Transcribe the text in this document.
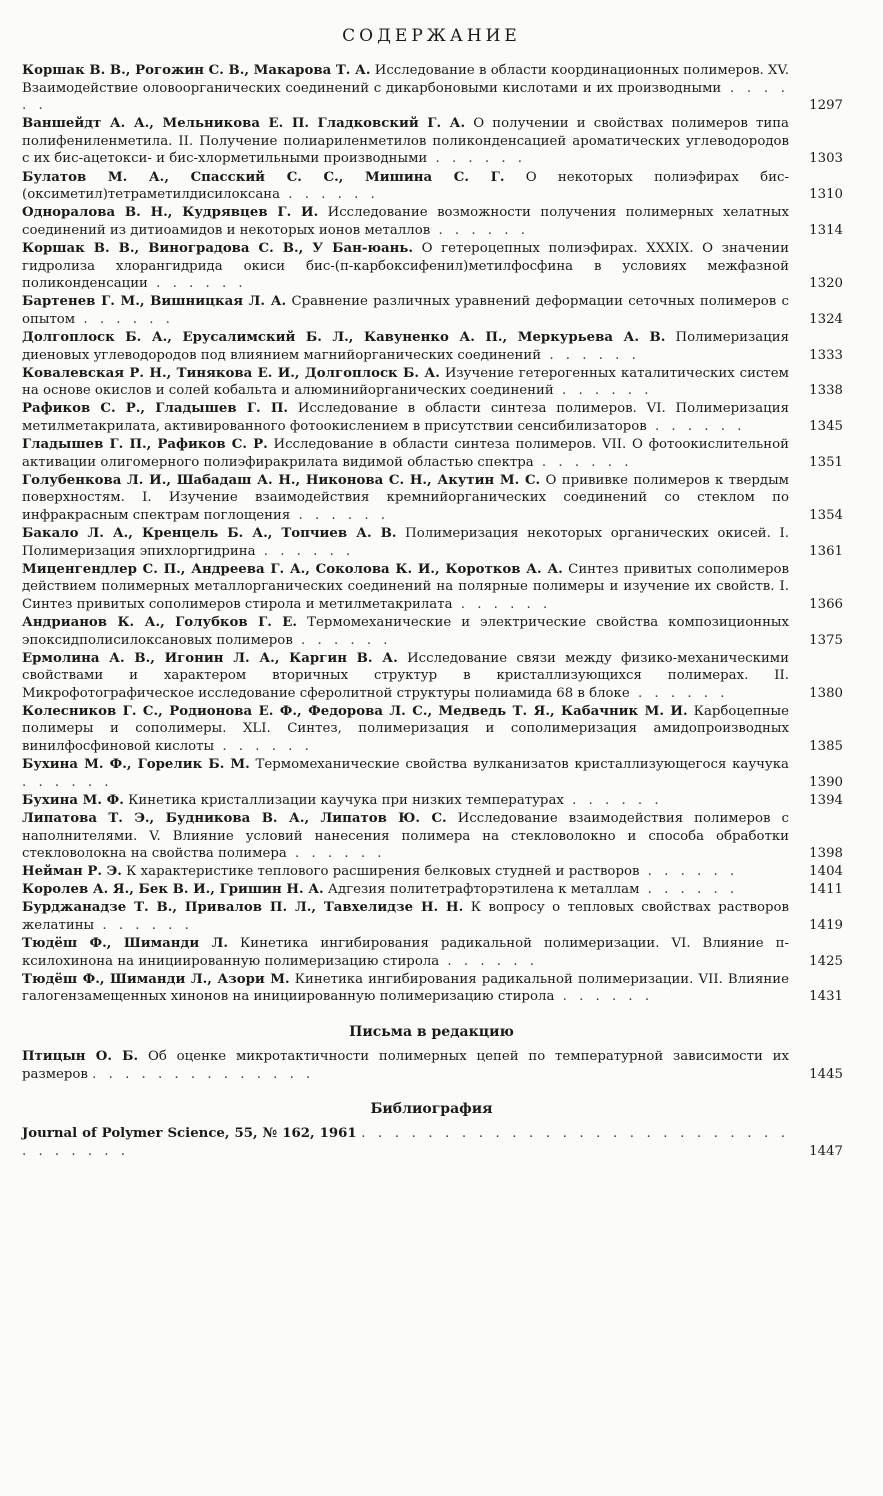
СОДЕРЖАНИЕ
Коршак В. В., Рогожин С. В., Макарова Т. А. Исследование в области координационных полимеров. XV. Взаимодействие оловоорганических соединений с дикарбоновыми кислотами и их производными . . . . . .	1297
Ваншейдт А. А., Мельникова Е. П. Гладковский Г. А. О получении и свойствах полимеров типа полифениленметила. II. Получение полиариленметилов поликонденсацией ароматических углеводородов с их бис-ацетокси- и бис-хлорметильными производными . . . . . .	1303
Булатов М. А., Спасский С. С., Мишина С. Г. О некоторых полиэфирах бис-(оксиметил)тетраметилдисилоксана . . . . . .	1310
Одноралова В. Н., Кудрявцев Г. И. Исследование возможности получения полимерных хелатных соединений из дитиоамидов и некоторых ионов металлов . . . . . .	1314
Коршак В. В., Виноградова С. В., У Бан-юань. О гетероцепных полиэфирах. XXXIX. О значении гидролиза хлорангидрида окиси бис-(п-карбоксифенил)метилфосфина в условиях межфазной поликонденсации . . . . . .	1320
Бартенев Г. М., Вишницкая Л. А. Сравнение различных уравнений деформации сеточных полимеров с опытом . . . . . .	1324
Долгоплоск Б. А., Ерусалимский Б. Л., Кавуненко А. П., Меркурьева А. В. Полимеризация диеновых углеводородов под влиянием магнийорганических соединений . . . . . .	1333
Ковалевская Р. Н., Тинякова Е. И., Долгоплоск Б. А. Изучение гетерогенных каталитических систем на основе окислов и солей кобальта и алюминийорганических соединений . . . . . .	1338
Рафиков С. Р., Гладышев Г. П. Исследование в области синтеза полимеров. VI. Полимеризация метилметакрилата, активированного фотоокислением в присутствии сенсибилизаторов . . . . . .	1345
Гладышев Г. П., Рафиков С. Р. Исследование в области синтеза полимеров. VII. О фотоокислительной активации олигомерного полиэфиракрилата видимой областью спектра . . . . . .	1351
Голубенкова Л. И., Шабадаш А. Н., Никонова С. Н., Акутин М. С. О прививке полимеров к твердым поверхностям. I. Изучение взаимодействия кремнийорганических соединений со стеклом по инфракрасным спектрам поглощения . . . . . .	1354
Бакало Л. А., Кренцель Б. А., Топчиев А. В. Полимеризация некоторых органических окисей. I. Полимеризация эпихлоргидрина . . . . . .	1361
Миценгендлер С. П., Андреева Г. А., Соколова К. И., Коротков А. А. Синтез привитых сополимеров действием полимерных металлорганических соединений на полярные полимеры и изучение их свойств. I. Синтез привитых сополимеров стирола и метилметакрилата . . . . . .	1366
Андрианов К. А., Голубков Г. Е. Термомеханические и электрические свойства композиционных эпоксидполисилоксановых полимеров . . . . . .	1375
Ермолина А. В., Игонин Л. А., Каргин В. А. Исследование связи между физико-механическими свойствами и характером вторичных структур в кристаллизующихся полимерах. II. Микрофотографическое исследование сферолитной структуры полиамида 68 в блоке . . . . . .	1380
Колесников Г. С., Родионова Е. Ф., Федорова Л. С., Медведь Т. Я., Кабачник М. И. Карбоцепные полимеры и сополимеры. XLI. Синтез, полимеризация и сополимеризация амидопроизводных винилфосфиновой кислоты . . . . . .	1385
Бухина М. Ф., Горелик Б. М. Термомеханические свойства вулканизатов кристаллизующегося каучука . . . . . .	1390
Бухина М. Ф. Кинетика кристаллизации каучука при низких температурах . . . . . .	1394
Липатова Т. Э., Будникова В. А., Липатов Ю. С. Исследование взаимодействия полимеров с наполнителями. V. Влияние условий нанесения полимера на стекловолокно и способа обработки стекловолокна на свойства полимера . . . . . .	1398
Нейман Р. Э. К характеристике теплового расширения белковых студней и растворов . . . . . .	1404
Королев А. Я., Бек В. И., Гришин Н. А. Адгезия политетрафторэтилена к металлам . . . . . .	1411
Бурджанадзе Т. В., Привалов П. Л., Тавхелидзе Н. Н. К вопросу о тепловых свойствах растворов желатины . . . . . .	1419
Тюдёш Ф., Шиманди Л. Кинетика ингибирования радикальной полимеризации. VI. Влияние п-ксилохинона на инициированную полимеризацию стирола . . . . . .	1425
Тюдёш Ф., Шиманди Л., Азори М. Кинетика ингибирования радикальной полимеризации. VII. Влияние галогензамещенных хинонов на инициированную полимеризацию стирола . . . . . .	1431
Письма в редакцию
Птицын О. Б. Об оценке микротактичности полимерных цепей по температурной зависимости их размеров . . . . . . . . . . . . . .	1445
Библиография
Journal of Polymer Science, 55, № 162, 1961 . . . . . . . . . . . . . . . . . . . . . . . . . . . . . . . . .	1447
